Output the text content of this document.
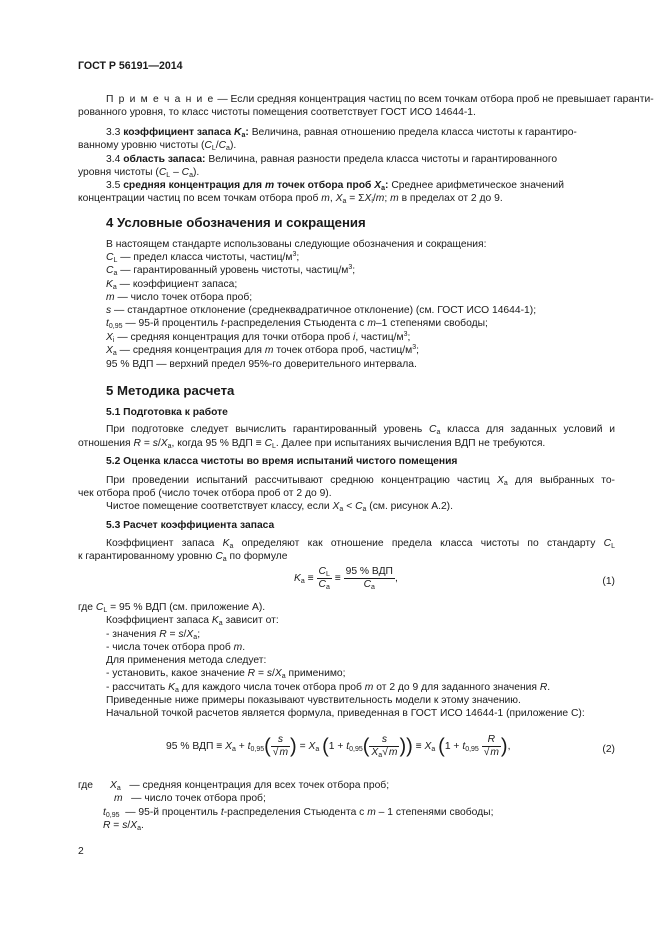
ГОСТ Р 56191—2014
П р и м е ч а н и е — Если средняя концентрация частиц по всем точкам отбора проб не превышает гаранти-
рованного уровня, то класс чистоты помещения соответствует ГОСТ ИСО 14644-1.
3.3 коэффициент запаса $K_a$: Величина, равная отношению предела класса чистоты к гарантиро-
ванному уровню чистоты $(C_L/C_a)$.
3.4 область запаса: Величина, равная разности предела класса чистоты и гарантированного
уровня чистоты $(C_L - C_a)$.
3.5 средняя концентрация для m точек отбора проб $X_a$: Среднее арифметическое значений
концентрации частиц по всем точкам отбора проб m, $X_a = \Sigma X_i/m$; m в пределах от 2 до 9.
4 Условные обозначения и сокращения
В настоящем стандарте использованы следующие обозначения и сокращения:
$C_L$ — предел класса чистоты, частиц/$м^3$;
$C_a$ — гарантированный уровень чистоты, частиц/$м^3$;
$K_a$ — коэффициент запаса;
m — число точек отбора проб;
s — стандартное отклонение (среднеквадратичное отклонение) (см. ГОСТ ИСО 14644-1);
$t_{0,95}$ — 95-й процентиль t-распределения Стьюдента с m–1 степенями свободы;
$X_i$ — средняя концентрация для точки отбора проб i, частиц/$м^3$;
$X_a$ — средняя концентрация для m точек отбора проб, частиц/$м^3$;
95 % ВДП — верхний предел 95%-го доверительного интервала.
5 Методика расчета
5.1 Подготовка к работе
При подготовке следует вычислить гарантированный уровень $C_a$ класса для заданных условий и
отношения $R = s/X_a$, когда 95 % ВДП ≡ $C_L$. Далее при испытаниях вычисления ВДП не требуются.
5.2 Оценка класса чистоты во время испытаний чистого помещения
При проведении испытаний рассчитывают среднюю концентрацию частиц $X_a$ для выбранных то-
чек отбора проб (число точек отбора проб от 2 до 9).
Чистое помещение соответствует классу, если $X_a < C_a$ (см. рисунок А.2).
5.3 Расчет коэффициента запаса
Коэффициент запаса $K_a$ определяют как отношение предела класса чистоты по стандарту $C_L$
к гарантированному уровню $C_a$ по формуле
$K_a \equiv \frac{C_L}{C_a} \equiv \frac{\text{95 \% ВДП}}{C_a}$ ,	(1)
где $C_L = 95$ % ВДП (см. приложение А).
Коэффициент запаса $K_a$ зависит от:
- значения $R = s/X_a$;
- числа точек отбора проб m.
Для применения метода следует:
- установить, какое значение $R = s/X_a$ применимо;
- рассчитать $K_a$ для каждого числа точек отбора проб m от 2 до 9 для заданного значения R.
Приведенные ниже примеры показывают чувствительность модели к этому значению.
Начальной точкой расчетов является формула, приведенная в ГОСТ ИСО 14644-1 (приложение С):
95 % ВДП ≡ $X_a + t_{0,95}( \frac{s}{√m}$ ) = $X_a$ ($1 + t_{0,95}( \frac{s}{X_a√m}$ )) ≡ $X_a$ ($1 + t_{0,95} \frac{R}{√m}$ ),	(2)
где $X_a$ — средняя концентрация для всех точек отбора проб;
m — число точек отбора проб;
$t_{0,95}$ — 95-й процентиль t-распределения Стьюдента с m – 1 степенями свободы;
$R = s/X_a$.
2
